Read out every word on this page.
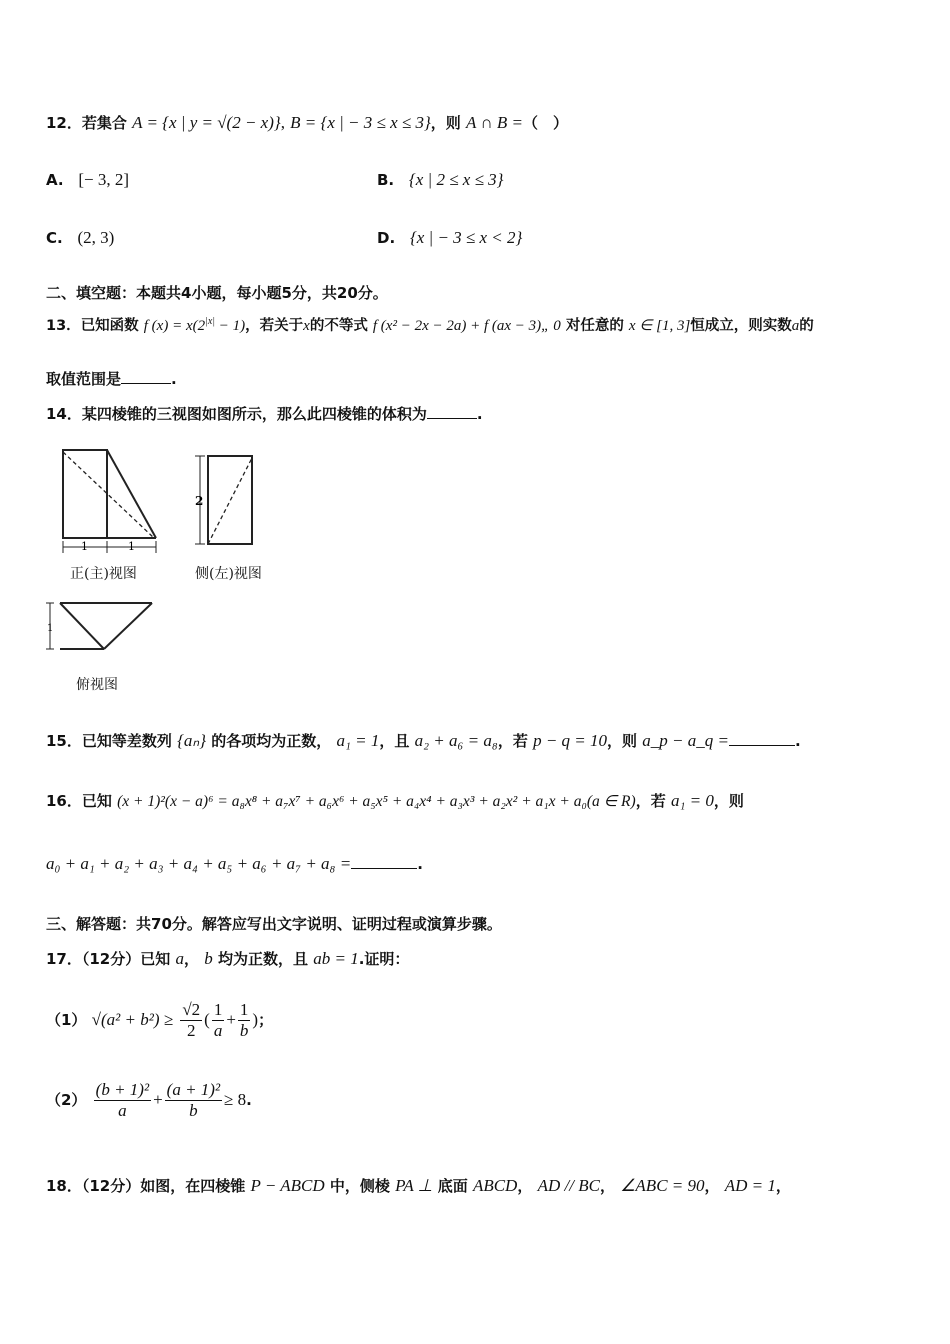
12．若集合 A = {x | y = √(2 − x)}, B = {x | − 3 ≤ x ≤ 3}，则 A ∩ B =（　）
A. [− 3, 2]	B. {x | 2 ≤ x ≤ 3}
C. (2, 3)	D. {x | − 3 ≤ x < 2}
二、填空题：本题共4小题，每小题5分，共20分。
13．已知函数 f $(x) = x(2^{|x|} - 1)$，若关于x的不等式 f (x² − 2x − 2a) + f (ax − 3)„ 0 对任意的 x ∈ [1, 3]恒成立，则实数a的
取值范围是	.
14．某四棱锥的三视图如图所示，那么此四棱锥的体积为	.
1	1
2
1
正(主)视图	侧(左)视图
俯视图
15．已知等差数列 {aₙ} 的各项均为正数， a₁ = 1，且 a₂ + a₆ = a₈，若 p − q = 10，则 a_p − a_q =	.
16．已知 (x + 1)²(x − a)⁶ = a₈x⁸ + a₇x⁷ + a₆x⁶ + a₅x⁵ + a₄x⁴ + a₃x³ + a₂x² + a₁x + a₀(a ∈ R)，若 a₁ = 0，则
a₀ + a₁ + a₂ + a₃ + a₄ + a₅ + a₆ + a₇ + a₈ =	.
三、解答题：共70分。解答应写出文字说明、证明过程或演算步骤。
17．（12分）已知 a， b 均为正数，且 ab = 1.证明：
（1） $√(a^2 + b^2) \ge \frac{√2}{2}$ ( $\frac{1}{a} + \frac{1}{b}$ )；
$(2) \frac{\text{(b + 1)²}}{a} + \frac{\text{(a + 1)²}}{b} \ge 8$.
18．（12分）如图，在四棱锥 P − ABCD 中，侧棱 PA ⊥ 底面 ABCD， AD // BC， ∠ABC = 90， AD = 1，
